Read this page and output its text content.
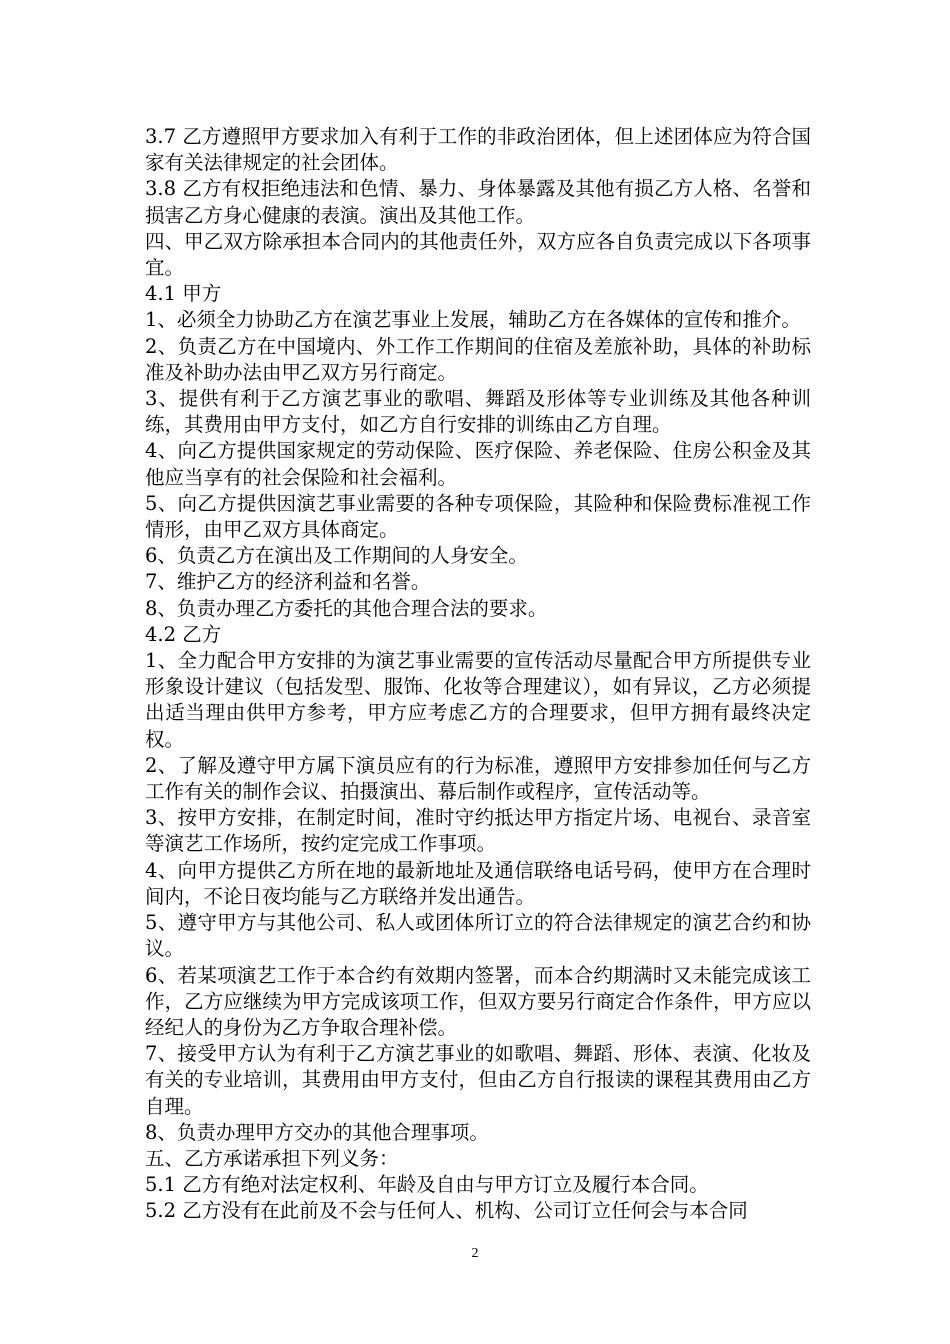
3.7 乙方遵照甲方要求加入有利于工作的非政治团体，但上述团体应为符合国家有关法律规定的社会团体。

3.8 乙方有权拒绝违法和色情、暴力、身体暴露及其他有损乙方人格、名誉和损害乙方身心健康的表演。演出及其他工作。

四、甲乙双方除承担本合同内的其他责任外，双方应各自负责完成以下各项事宜。

4.1 甲方

1、必须全力协助乙方在演艺事业上发展，辅助乙方在各媒体的宣传和推介。

2、负责乙方在中国境内、外工作工作期间的住宿及差旅补助，具体的补助标准及补助办法由甲乙双方另行商定。

3、提供有利于乙方演艺事业的歌唱、舞蹈及形体等专业训练及其他各种训练，其费用由甲方支付，如乙方自行安排的训练由乙方自理。

4、向乙方提供国家规定的劳动保险、医疗保险、养老保险、住房公积金及其他应当享有的社会保险和社会福利。

5、向乙方提供因演艺事业需要的各种专项保险，其险种和保险费标准视工作情形，由甲乙双方具体商定。

6、负责乙方在演出及工作期间的人身安全。

7、维护乙方的经济利益和名誉。

8、负责办理乙方委托的其他合理合法的要求。

4.2 乙方

1、全力配合甲方安排的为演艺事业需要的宣传活动尽量配合甲方所提供专业形象设计建议（包括发型、服饰、化妆等合理建议），如有异议，乙方必须提出适当理由供甲方参考，甲方应考虑乙方的合理要求，但甲方拥有最终决定权。

2、了解及遵守甲方属下演员应有的行为标准，遵照甲方安排参加任何与乙方工作有关的制作会议、拍摄演出、幕后制作或程序，宣传活动等。

3、按甲方安排，在制定时间，准时守约抵达甲方指定片场、电视台、录音室等演艺工作场所，按约定完成工作事项。

4、向甲方提供乙方所在地的最新地址及通信联络电话号码，使甲方在合理时间内，不论日夜均能与乙方联络并发出通告。

5、遵守甲方与其他公司、私人或团体所订立的符合法律规定的演艺合约和协议。

6、若某项演艺工作于本合约有效期内签署，而本合约期满时又未能完成该工作，乙方应继续为甲方完成该项工作，但双方要另行商定合作条件，甲方应以经纪人的身份为乙方争取合理补偿。

7、接受甲方认为有利于乙方演艺事业的如歌唱、舞蹈、形体、表演、化妆及有关的专业培训，其费用由甲方支付，但由乙方自行报读的课程其费用由乙方自理。

8、负责办理甲方交办的其他合理事项。

五、乙方承诺承担下列义务：

5.1 乙方有绝对法定权利、年龄及自由与甲方订立及履行本合同。

5.2 乙方没有在此前及不会与任何人、机构、公司订立任何会与本合同

2
